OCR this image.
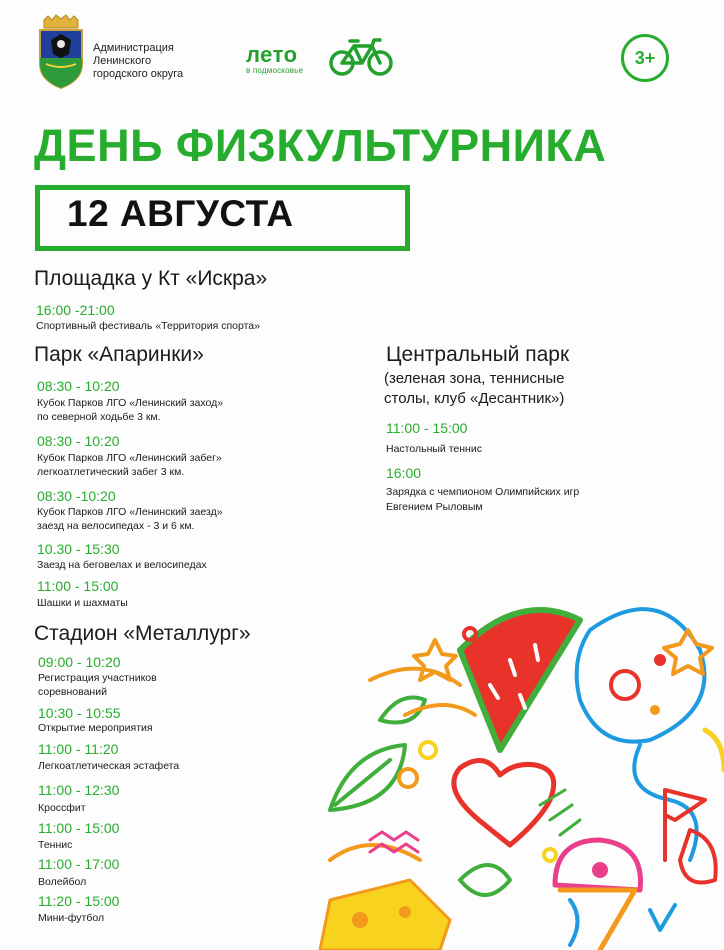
Администрация
Ленинского
городского округа
лето
в подмосковье
3+
ДЕНЬ ФИЗКУЛЬТУРНИКА
12 АВГУСТА
Площадка у Кт «Искра»
16:00 -21:00
Спортивный фестиваль «Территория спорта»
Парк «Апаринки»
08:30 - 10:20
Кубок Парков ЛГО «Ленинский заход»
по северной ходьбе 3 км.
08:30 - 10:20
Кубок Парков ЛГО «Ленинский забег»
легкоатлетический забег 3 км.
08:30 -10:20
Кубок Парков ЛГО «Ленинский заезд»
заезд на велосипедах - 3 и 6 км.
10.30 - 15:30
Заезд на беговелах и велосипедах
11:00 - 15:00
Шашки и шахматы
Стадион «Металлург»
09:00 - 10:20
Регистрация участников
соревнований
10:30 - 10:55
Открытие мероприятия
11:00 - 11:20
Легкоатлетическая эстафета
11:00 - 12:30
Кроссфит
11:00 - 15:00
Теннис
11:00 - 17:00
Волейбол
11:20 - 15:00
Мини-футбол
Центральный парк
(зеленая зона, теннисные
столы, клуб «Десантник»)
11:00 - 15:00
Настольный теннис
16:00
Зарядка с чемпионом Олимпийских игр
Евгением Рыловым
